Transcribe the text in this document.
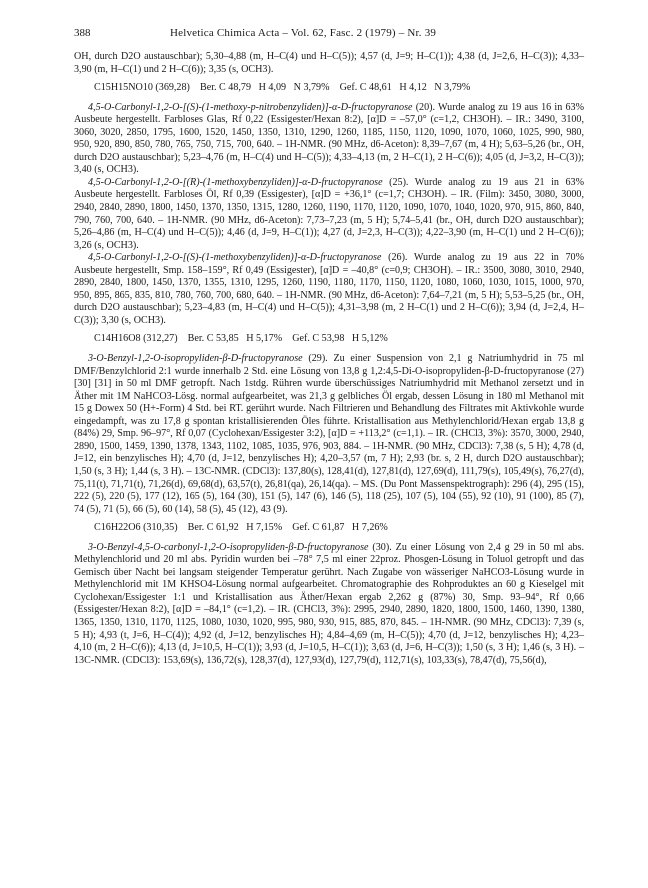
388	Helvetica Chimica Acta – Vol. 62, Fasc. 2 (1979) – Nr. 39

OH, durch D2O austauschbar); 5,30–4,88 (m, H–C(4) und H–C(5)); 4,57 (d, J=9; H–C(1)); 4,38 (d, J=2,6, H–C(3)); 4,33–3,90 (m, H–C(1) und 2 H–C(6)); 3,35 (s, OCH3).

C15H15NO10 (369,28)    Ber. C 48,79   H 4,09   N 3,79%    Gef. C 48,61   H 4,12   N 3,79%

4,5-O-Carbonyl-1,2-O-[(S)-(1-methoxy-p-nitrobenzyliden)]-α-D-fructopyranose (20). Wurde analog zu 19 aus 16 in 63% Ausbeute hergestellt. Farbloses Glas, Rf 0,22 (Essigester/Hexan 8:2), [α]D = –57,0° (c=1,2, CH3OH). – IR.: 3490, 3100, 3060, 3020, 2850, 1795, 1600, 1520, 1450, 1350, 1310, 1290, 1260, 1185, 1150, 1120, 1090, 1070, 1060, 1025, 990, 980, 950, 920, 890, 850, 780, 765, 750, 715, 700, 640. – 1H-NMR. (90 MHz, d6-Aceton): 8,39–7,67 (m, 4 H); 5,63–5,26 (br., OH, durch D2O austauschbar); 5,23–4,76 (m, H–C(4) und H–C(5)); 4,33–4,13 (m, 2 H–C(1), 2 H–C(6)); 4,05 (d, J=3,2, H–C(3)); 3,40 (s, OCH3).

4,5-O-Carbonyl-1,2-O-[(R)-(1-methoxybenzyliden)]-α-D-fructopyranose (25). Wurde analog zu 19 aus 21 in 63% Ausbeute hergestellt. Farbloses Öl, Rf 0,39 (Essigester), [α]D = +36,1° (c=1,7; CH3OH). – IR. (Film): 3450, 3080, 3000, 2940, 2840, 2890, 1800, 1450, 1370, 1350, 1315, 1280, 1260, 1190, 1170, 1120, 1090, 1070, 1040, 1020, 970, 915, 860, 840, 790, 760, 700, 640. – 1H-NMR. (90 MHz, d6-Aceton): 7,73–7,23 (m, 5 H); 5,74–5,41 (br., OH, durch D2O austauschbar); 5,26–4,86 (m, H–C(4) und H–C(5)); 4,46 (d, J=9, H–C(1)); 4,27 (d, J=2,3, H–C(3)); 4,22–3,90 (m, H–C(1) und 2 H–C(6)); 3,26 (s, OCH3).

4,5-O-Carbonyl-1,2-O-[(S)-(1-methoxybenzyliden)]-α-D-fructopyranose (26). Wurde analog zu 19 aus 22 in 70% Ausbeute hergestellt, Smp. 158–159°, Rf 0,49 (Essigester), [α]D = –40,8° (c=0,9; CH3OH). – IR.: 3500, 3080, 3010, 2940, 2890, 2840, 1800, 1450, 1370, 1355, 1310, 1295, 1260, 1190, 1180, 1170, 1150, 1120, 1080, 1060, 1030, 1015, 1000, 970, 950, 895, 865, 835, 810, 780, 760, 700, 680, 640. – 1H-NMR. (90 MHz, d6-Aceton): 7,64–7,21 (m, 5 H); 5,53–5,25 (br., OH, durch D2O austauschbar); 5,23–4,83 (m, H–C(4) und H–C(5)); 4,31–3,98 (m, 2 H–C(1) und 2 H–C(6)); 3,94 (d, J=2,4, H–C(3)); 3,30 (s, OCH3).

C14H16O8 (312,27)    Ber. C 53,85   H 5,17%    Gef. C 53,98   H 5,12%

3-O-Benzyl-1,2-O-isopropyliden-β-D-fructopyranose (29). Zu einer Suspension von 2,1 g Natriumhydrid in 75 ml DMF/Benzylchlorid 2:1 wurde innerhalb 2 Std. eine Lösung von 13,8 g 1,2:4,5-Di-O-isopropyliden-β-D-fructopyranose (27) [30] [31] in 50 ml DMF getropft. Nach 1stdg. Rühren wurde überschüssiges Natriumhydrid mit Methanol zersetzt und in Äther mit 1M NaHCO3-Lösg. normal aufgearbeitet, was 21,3 g gelbliches Öl ergab, dessen Lösung in 180 ml Methanol mit 15 g Dowex 50 (H+-Form) 4 Std. bei RT. gerührt wurde. Nach Filtrieren und Behandlung des Filtrates mit Aktivkohle wurde eingedampft, was zu 17,8 g spontan kristallisierenden Öles führte. Kristallisation aus Methylenchlorid/Hexan ergab 13,8 g (84%) 29, Smp. 96–97°, Rf 0,07 (Cyclohexan/Essigester 3:2), [α]D = +113,2° (c=1,1). – IR. (CHCl3, 3%): 3570, 3000, 2940, 2890, 1500, 1459, 1390, 1378, 1343, 1102, 1085, 1035, 976, 903, 884. – 1H-NMR. (90 MHz, CDCl3): 7,38 (s, 5 H); 4,78 (d, J=12, ein benzylisches H); 4,70 (d, J=12, benzylisches H); 4,20–3,57 (m, 7 H); 2,93 (br. s, 2 H, durch D2O austauschbar); 1,50 (s, 3 H); 1,44 (s, 3 H). – 13C-NMR. (CDCl3): 137,80(s), 128,41(d), 127,81(d), 127,69(d), 111,79(s), 105,49(s), 76,27(d), 75,11(t), 71,71(t), 71,26(d), 69,68(d), 63,57(t), 26,81(qa), 26,14(qa). – MS. (Du Pont Massenspektrograph): 296 (4), 295 (15), 222 (5), 220 (5), 177 (12), 165 (5), 164 (30), 151 (5), 147 (6), 146 (5), 118 (25), 107 (5), 104 (55), 92 (10), 91 (100), 85 (7), 74 (5), 71 (5), 66 (5), 60 (14), 58 (5), 45 (12), 43 (9).

C16H22O6 (310,35)    Ber. C 61,92   H 7,15%    Gef. C 61,87   H 7,26%

3-O-Benzyl-4,5-O-carbonyl-1,2-O-isopropyliden-β-D-fructopyranose (30). Zu einer Lösung von 2,4 g 29 in 50 ml abs. Methylenchlorid und 20 ml abs. Pyridin wurden bei –78° 7,5 ml einer 22proz. Phosgen-Lösung in Toluol getropft und das Gemisch über Nacht bei langsam steigender Temperatur gerührt. Nach Zugabe von wässeriger NaHCO3-Lösung wurde in Methylenchlorid mit 1M KHSO4-Lösung normal aufgearbeitet. Chromatographie des Rohproduktes an 60 g Kieselgel mit Cyclohexan/Essigester 1:1 und Kristallisation aus Äther/Hexan ergab 2,262 g (87%) 30, Smp. 93–94°, Rf 0,66 (Essigester/Hexan 8:2), [α]D = –84,1° (c=1,2). – IR. (CHCl3, 3%): 2995, 2940, 2890, 1820, 1800, 1500, 1460, 1390, 1380, 1365, 1350, 1310, 1170, 1125, 1080, 1030, 1020, 995, 980, 930, 915, 885, 870, 845. – 1H-NMR. (90 MHz, CDCl3): 7,39 (s, 5 H); 4,93 (t, J=6, H–C(4)); 4,92 (d, J=12, benzylisches H); 4,84–4,69 (m, H–C(5)); 4,70 (d, J=12, benzylisches H); 4,23–4,10 (m, 2 H–C(6)); 4,13 (d, J=10,5, H–C(1)); 3,93 (d, J=10,5, H–C(1)); 3,63 (d, J=6, H–C(3)); 1,50 (s, 3 H); 1,46 (s, 3 H). – 13C-NMR. (CDCl3): 153,69(s), 136,72(s), 128,37(d), 127,93(d), 127,79(d), 112,71(s), 103,33(s), 78,47(d), 75,56(d),
